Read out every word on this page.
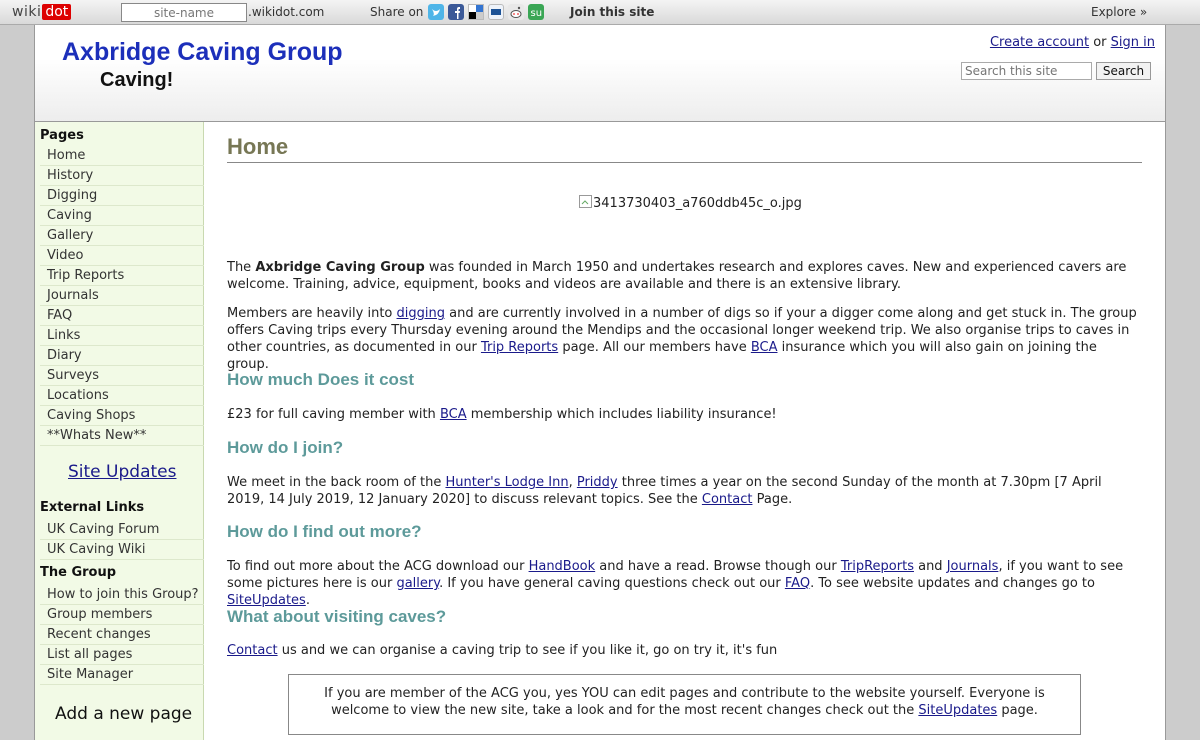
wiki dot
site-name	.wikidot.com	Share on	su Join this site	Explore »
Axbridge Caving Group
Caving!
Create account or Sign in
Search this site
Search
Pages
Home
History
Digging
Caving
Gallery
Video
Trip Reports
Journals
FAQ
Links
Diary
Surveys
Locations
Caving Shops
**Whats New**
Site Updates
External Links
UK Caving Forum
UK Caving Wiki
The Group
How to join this Group?
Group members
Recent changes
List all pages
Site Manager
Add a new page
Home
3413730403_a760ddb45c_o.jpg

The Axbridge Caving Group was founded in March 1950 and undertakes research and explores caves. New and experienced cavers are welcome. Training, advice, equipment, books and videos are available and there is an extensive library.

Members are heavily into digging and are currently involved in a number of digs so if your a digger come along and get stuck in. The group offers Caving trips every Thursday evening around the Mendips and the occasional longer weekend trip. We also organise trips to caves in other countries, as documented in our Trip Reports page. All our members have BCA insurance which you will also gain on joining the group.

How much Does it cost

£23 for full caving member with BCA membership which includes liability insurance!

How do I join?

We meet in the back room of the Hunter's Lodge Inn, Priddy three times a year on the second Sunday of the month at 7.30pm [7 April 2019, 14 July 2019, 12 January 2020] to discuss relevant topics. See the Contact Page.

How do I find out more?

To find out more about the ACG download our HandBook and have a read. Browse though our TripReports and Journals, if you want to see some pictures here is our gallery. If you have general caving questions check out our FAQ. To see website updates and changes go to SiteUpdates.

What about visiting caves?

Contact us and we can organise a caving trip to see if you like it, go on try it, it's fun

If you are member of the ACG you, yes YOU can edit pages and contribute to the website yourself. Everyone is welcome to view the new site, take a look and for the most recent changes check out the SiteUpdates page.
